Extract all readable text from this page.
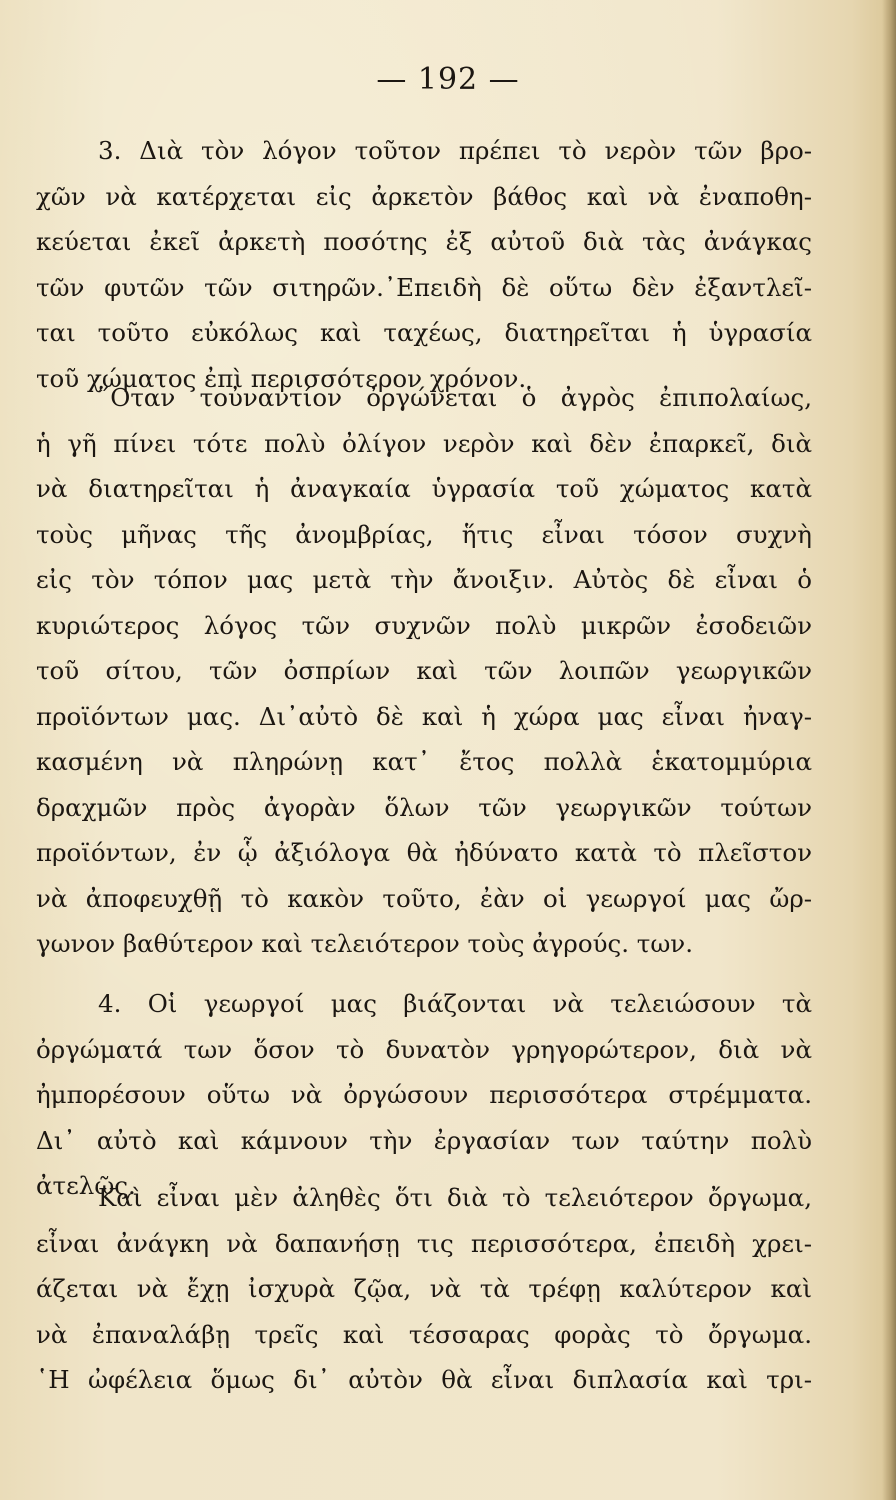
— 192 —
3. Διὰ τὸν λόγον τοῦτον πρέπει τὸ νερὸν τῶν βρο-
χῶν νὰ κατέρχεται εἰς ἀρκετὸν βάθος καὶ νὰ ἐναποθη-
κεύεται ἐκεῖ ἀρκετὴ ποσότης ἐξ αὐτοῦ διὰ τὰς ἀνάγκας
τῶν φυτῶν τῶν σιτηρῶν.᾿Επειδὴ δὲ οὕτω δὲν ἐξαντλεῖ-
ται τοῦτο εὐκόλως καὶ ταχέως, διατηρεῖται ἡ ὑγρασία
τοῦ χώματος ἐπὶ περισσότερον χρόνον.
῞Οταν τοὐναντίον ὀργώνεται ὁ ἀγρὸς ἐπιπολαίως,
ἡ γῆ πίνει τότε πολὺ ὀλίγον νερὸν καὶ δὲν ἐπαρκεῖ, διὰ
νὰ διατηρεῖται ἡ ἀναγκαία ὑγρασία τοῦ χώματος κατὰ
τοὺς μῆνας τῆς ἀνομβρίας, ἥτις εἶναι τόσον συχνὴ
εἰς τὸν τόπον μας μετὰ τὴν ἄνοιξιν. Αὐτὸς δὲ εἶναι ὁ
κυριώτερος λόγος τῶν συχνῶν πολὺ μικρῶν ἐσοδειῶν
τοῦ σίτου, τῶν ὀσπρίων καὶ τῶν λοιπῶν γεωργικῶν
προϊόντων μας. Δι᾿αὐτὸ δὲ καὶ ἡ χώρα μας εἶναι ἠναγ-
κασμένη νὰ πληρώνῃ κατ᾿ ἔτος πολλὰ ἑκατομμύρια
δραχμῶν πρὸς ἀγορὰν ὅλων τῶν γεωργικῶν τούτων
προϊόντων, ἐν ᾧ ἀξιόλογα θὰ ἠδύνατο κατὰ τὸ πλεῖστον
νὰ ἀποφευχθῇ τὸ κακὸν τοῦτο, ἐὰν οἱ γεωργοί μας ὤρ-
γωνον βαθύτερον καὶ τελειότερον τοὺς ἀγρούς. των.
4. Οἱ γεωργοί μας βιάζονται νὰ τελειώσουν τὰ
ὀργώματά των ὅσον τὸ δυνατὸν γρηγορώτερον, διὰ νὰ
ἠμπορέσουν οὕτω νὰ ὀργώσουν περισσότερα στρέμματα.
Δι᾿ αὐτὸ καὶ κάμνουν τὴν ἐργασίαν των ταύτην πολὺ
ἀτελῶς.
Καὶ εἶναι μὲν ἀληθὲς ὅτι διὰ τὸ τελειότερον ὄργωμα,
εἶναι ἀνάγκη νὰ δαπανήσῃ τις περισσότερα, ἐπειδὴ χρει-
άζεται νὰ ἔχῃ ἰσχυρὰ ζῷα, νὰ τὰ τρέφῃ καλύτερον καὶ
νὰ ἐπαναλάβῃ τρεῖς καὶ τέσσαρας φορὰς τὸ ὄργωμα.
῾Η ὠφέλεια ὅμως δι᾿ αὐτὸν θὰ εἶναι διπλασία καὶ τρι-
